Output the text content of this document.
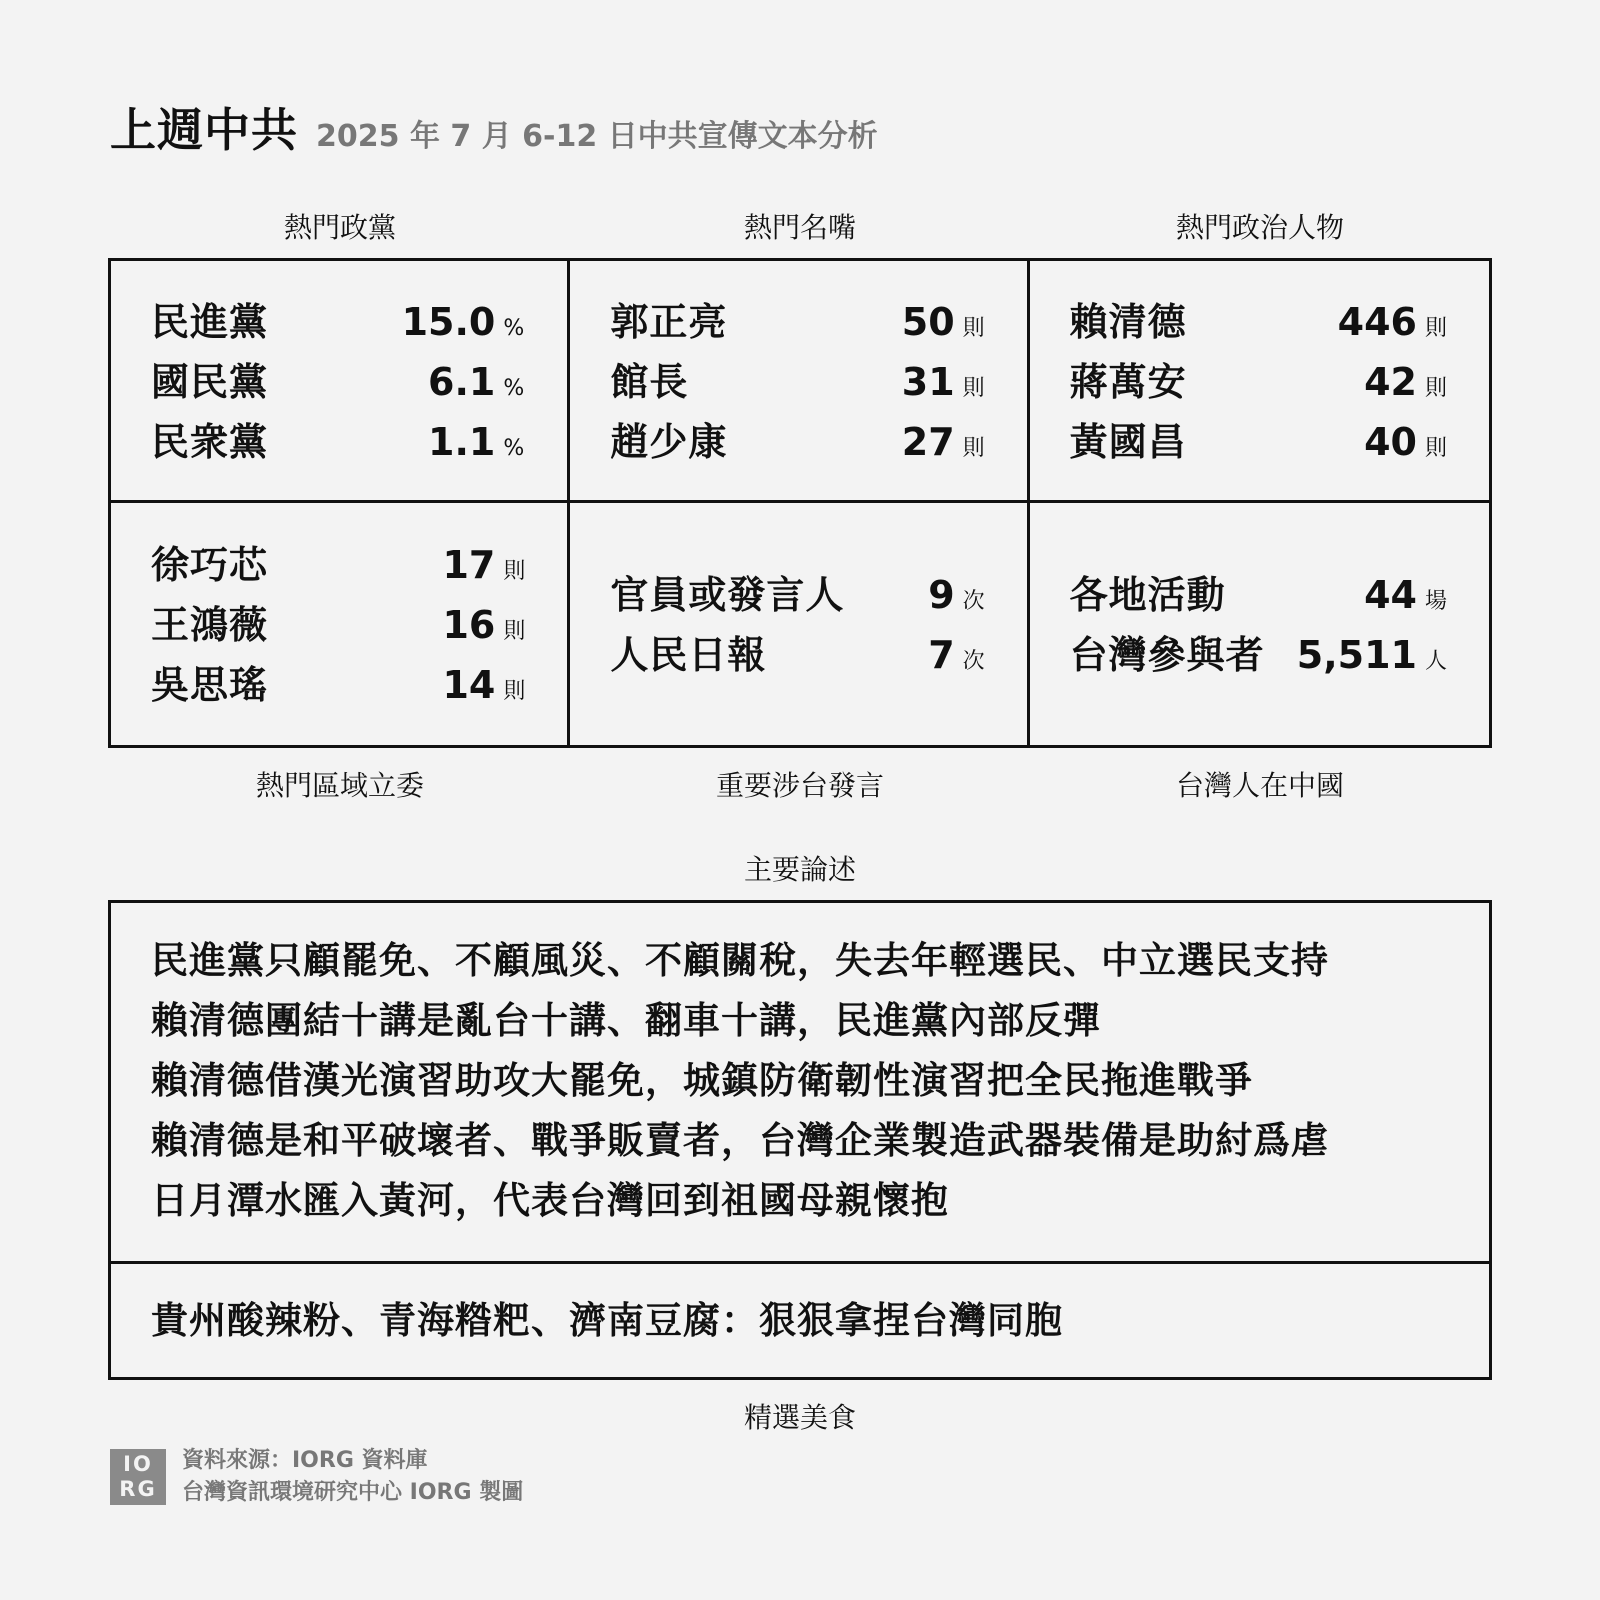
上週中共 2025 年 7 月 6-12 日中共宣傳文本分析
熱門政黨	熱門名嘴	熱門政治人物
民進黨	15.0 %
國民黨	6.1 %
民衆黨	1.1 %
郭正亮	50 則
館長	31 則
趙少康	27 則
賴清德	446 則
蔣萬安	42 則
黃國昌	40 則
徐巧芯	17 則
王鴻薇	16 則
吳思瑤	14 則
官員或發言人 9 次
人民日報	7 次
各地活動	44 場
台灣參與者 5,511 人
熱門區域立委	重要涉台發言	台灣人在中國
主要論述
民進黨只顧罷免、不顧風災、不顧關稅，失去年輕選民、中立選民支持
賴清德團結十講是亂台十講、翻車十講，民進黨內部反彈
賴清德借漢光演習助攻大罷免，城鎮防衛韌性演習把全民拖進戰爭
賴清德是和平破壞者、戰爭販賣者，台灣企業製造武器裝備是助紂爲虐
日月潭水匯入黃河，代表台灣回到祖國母親懷抱
貴州酸辣粉、青海糌粑、濟南豆腐：狠狠拿捏台灣同胞
精選美食
IO
RG
資料來源：IORG 資料庫
台灣資訊環境研究中心 IORG 製圖
